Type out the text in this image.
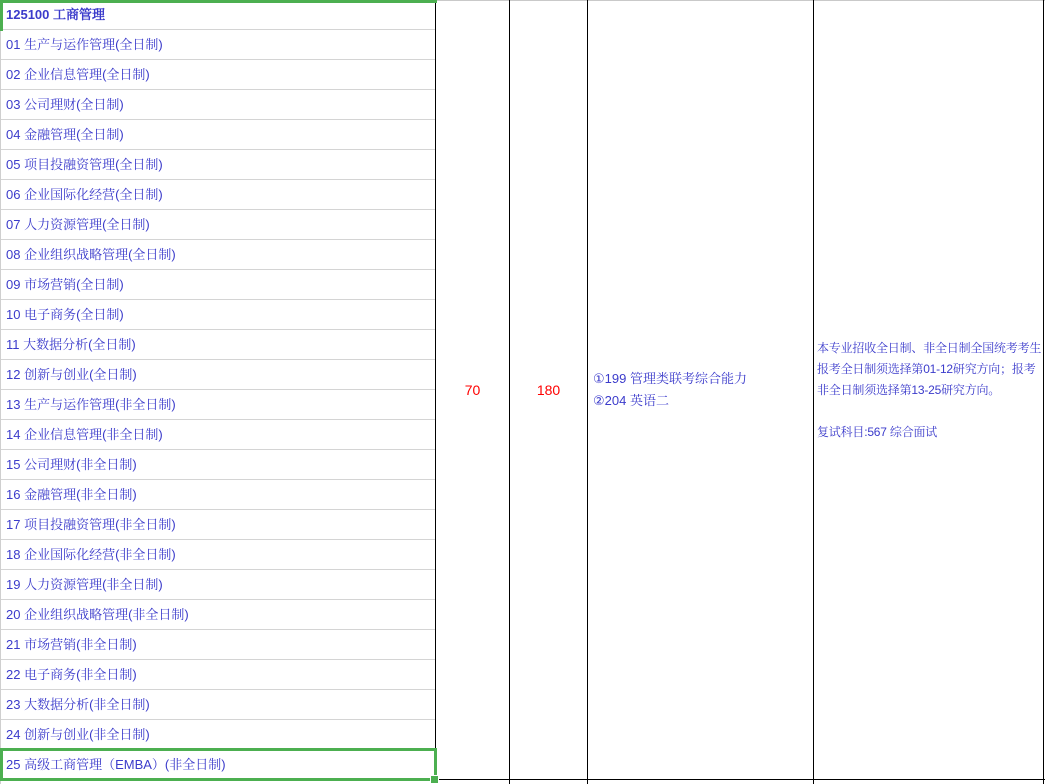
125100 工商管理
01 生产与运作管理(全日制)
02 企业信息管理(全日制)
03 公司理财(全日制)
04 金融管理(全日制)
05 项目投融资管理(全日制)
06 企业国际化经营(全日制)
07 人力资源管理(全日制)
08 企业组织战略管理(全日制)
09 市场营销(全日制)
10 电子商务(全日制)
11 大数据分析(全日制)
12 创新与创业(全日制)
13 生产与运作管理(非全日制)
14 企业信息管理(非全日制)
15 公司理财(非全日制)
16 金融管理(非全日制)
17 项目投融资管理(非全日制)
18 企业国际化经营(非全日制)
19 人力资源管理(非全日制)
20 企业组织战略管理(非全日制)
21 市场营销(非全日制)
22 电子商务(非全日制)
23 大数据分析(非全日制)
24 创新与创业(非全日制)
25 高级工商管理（EMBA）(非全日制)
70	180
①199 管理类联考综合能力
②204 英语二
本专业招收全日制、非全日制全国统考考生
报考全日制须选择第01-12研究方向；报考
非全日制须选择第13-25研究方向。
复试科目:567 综合面试
